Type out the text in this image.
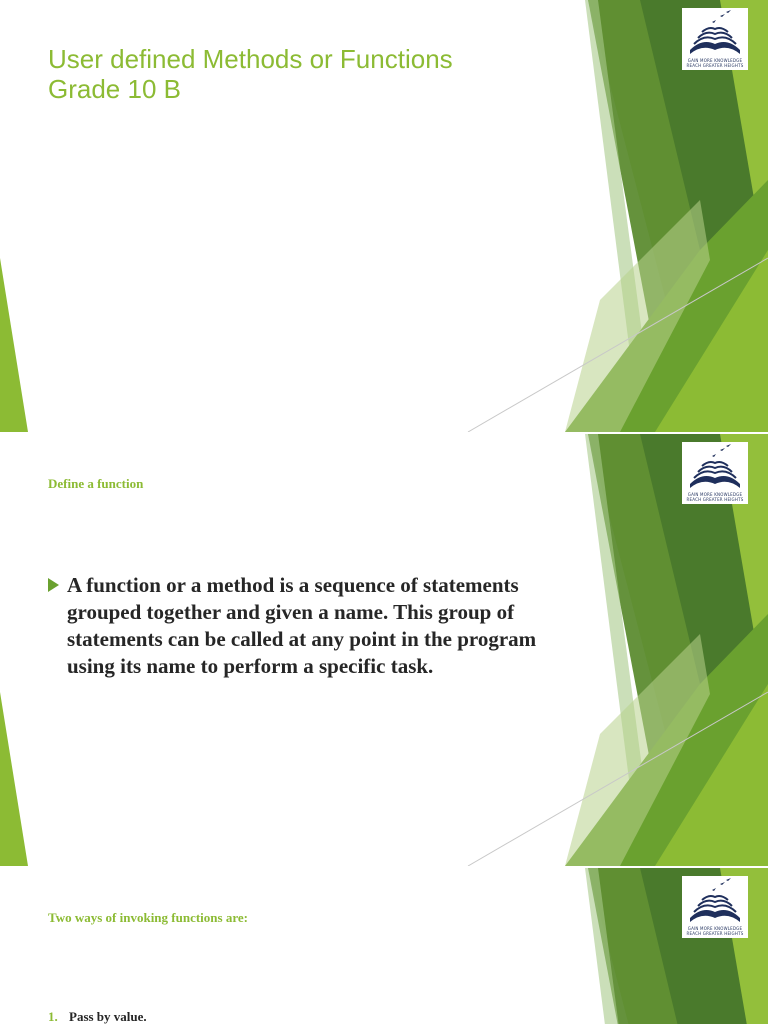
GAIN MORE KNOWLEDGE
REACH GREATER HEIGHTS
User defined Methods or Functions
Grade 10 B
GAIN MORE KNOWLEDGE
REACH GREATER HEIGHTS
Define a function
A function or a method is a sequence of statements grouped together and given a name. This group of statements can be called at any point in the program using its name to perform a specific task.
GAIN MORE KNOWLEDGE
REACH GREATER HEIGHTS
Two ways of invoking functions are:
1. Pass by value.
